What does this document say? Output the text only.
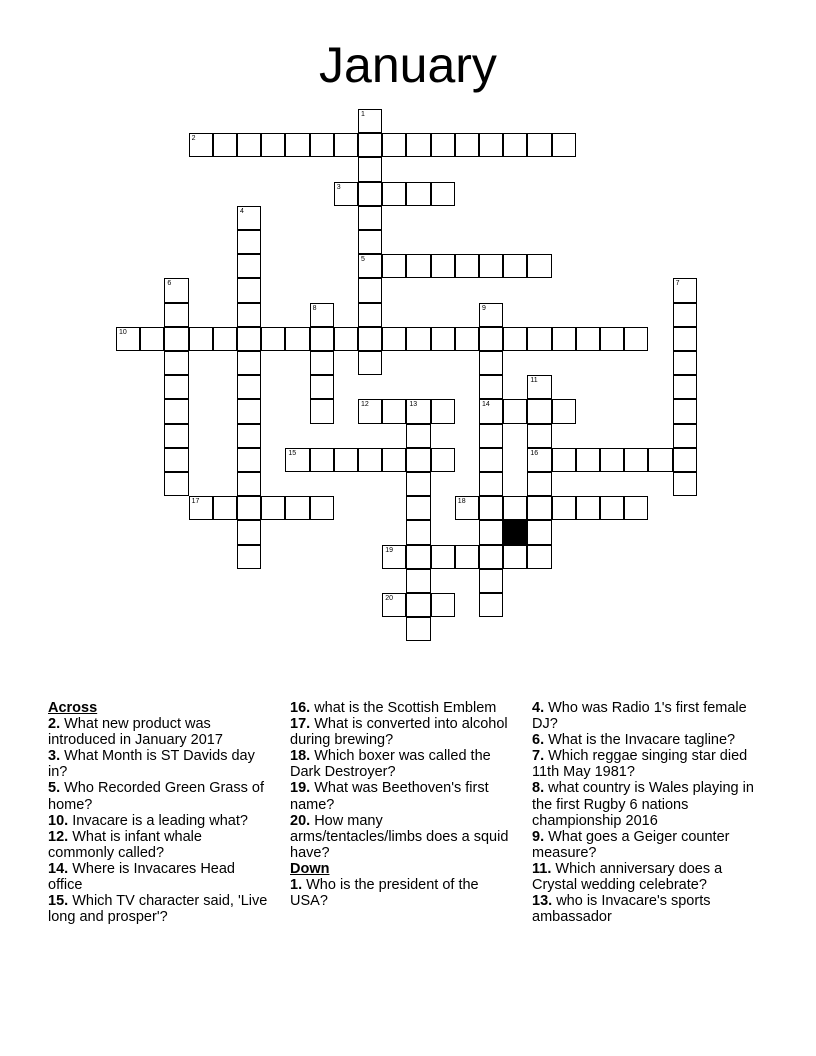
January
1
5
2
3
4
6	7
8	9
14
10
11
16
12	13
15
17	18
19
20
Across
2. What new product was introduced in January 2017
3. What Month is ST Davids day in?
5. Who Recorded Green Grass of home?
10. Invacare is a leading what?
12. What is infant whale commonly called?
14. Where is Invacares Head office
15. Which TV character said, 'Live long and prosper'?
16. what is the Scottish Emblem
17. What is converted into alcohol during brewing?
18. Which boxer was called the Dark Destroyer?
19. What was Beethoven's first name?
20. How many arms/tentacles/limbs does a squid have?
Down
1. Who is the president of the USA?
4. Who was Radio 1's first female DJ?
6. What is the Invacare tagline?
7. Which reggae singing star died 11th May 1981?
8. what country is Wales playing in the first Rugby 6 nations championship 2016
9. What goes a Geiger counter measure?
11. Which anniversary does a Crystal wedding celebrate?
13. who is Invacare's sports ambassador
